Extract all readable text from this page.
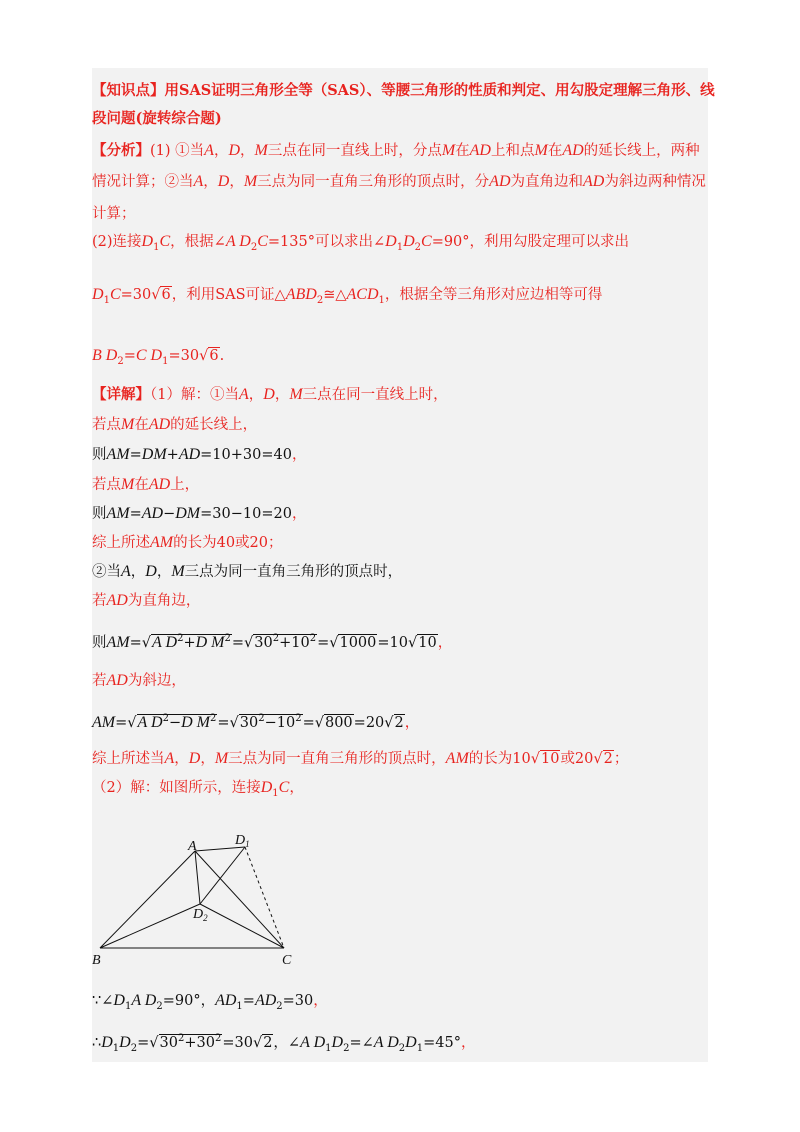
【知识点】用SAS证明三角形全等（SAS）、等腰三角形的性质和判定、用勾股定理解三角形、线
段问题(旋转综合题)
【分析】(1) ①当A，D，M三点在同一直线上时，分点M在AD上和点M在AD的延长线上，两种
情况计算；②当A，D，M三点为同一直角三角形的顶点时，分AD为直角边和AD为斜边两种情况
计算；
(2)连接$D_1C$，根据∠A $D_2C=135^\circ$可以求出$\angle D_1D_2C=90^\circ$，利用勾股定理可以求出
$D_1C=30√6$，利用SAS可证$\triangle ABD_2≅\triangle ACD_1$，根据全等三角形对应边相等可得
B $D_2=C$ $D_1=30√6$.
【详解】（1）解：①当A，D，M三点在同一直线上时，
若点M在AD的延长线上，
则AM=DM+AD=10+30=40，
若点M在AD上，
则AM=AD−DM=30−10=20，
综上所述AM的长为40或20；
②当A，D，M三点为同一直角三角形的顶点时，
若AD为直角边，
则AM=√A $D^2+D$ $M^2=√30^2+10^2=√1000=10√10$，
若AD为斜边，
AM=√A $D^2-D$ $M^2=√30^2-10^2=√800=20√2$，
综上所述当A，D，M三点为同一直角三角形的顶点时，AM的长为10√10或20√2；
（2）解：如图所示，连接$D_1C$，
$\because\angle D_1A$ $D_2=90^\circ$，$AD_1=AD_2=30$，
$\therefore D_1D_2=√30^2+30^2=30√2$，∠A $D_1D_2=\angle A$ $D_2D_1=45^\circ$，
A	$D_1$
$D_2$
B	C
